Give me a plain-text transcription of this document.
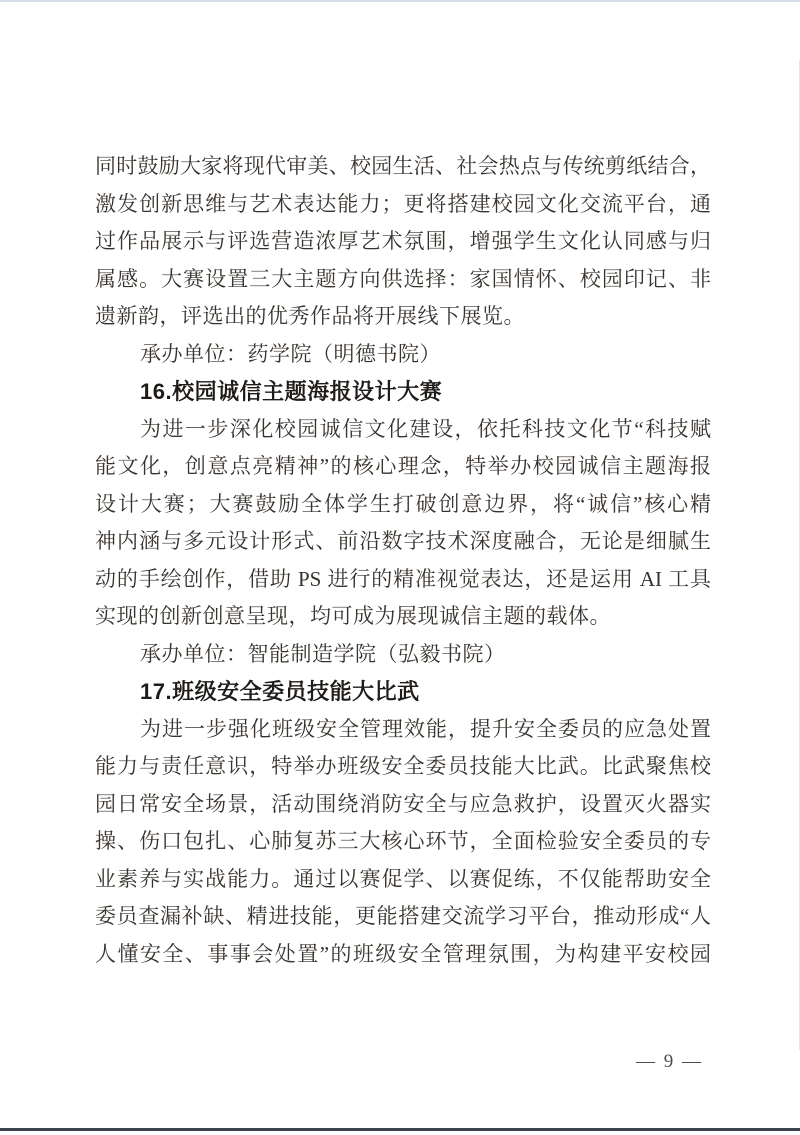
同时鼓励大家将现代审美、校园生活、社会热点与传统剪纸结合，
激发创新思维与艺术表达能力；更将搭建校园文化交流平台，通
过作品展示与评选营造浓厚艺术氛围，增强学生文化认同感与归
属感。大赛设置三大主题方向供选择：家国情怀、校园印记、非
遗新韵，评选出的优秀作品将开展线下展览。
承办单位：药学院（明德书院）
16.校园诚信主题海报设计大赛
为进一步深化校园诚信文化建设，依托科技文化节“科技赋
能文化，创意点亮精神”的核心理念，特举办校园诚信主题海报
设计大赛；大赛鼓励全体学生打破创意边界，将“诚信”核心精
神内涵与多元设计形式、前沿数字技术深度融合，无论是细腻生
动的手绘创作，借助 PS 进行的精准视觉表达，还是运用 AI 工具
实现的创新创意呈现，均可成为展现诚信主题的载体。
承办单位：智能制造学院（弘毅书院）
17.班级安全委员技能大比武
为进一步强化班级安全管理效能，提升安全委员的应急处置
能力与责任意识，特举办班级安全委员技能大比武。比武聚焦校
园日常安全场景，活动围绕消防安全与应急救护，设置灭火器实
操、伤口包扎、心肺复苏三大核心环节，全面检验安全委员的专
业素养与实战能力。通过以赛促学、以赛促练，不仅能帮助安全
委员查漏补缺、精进技能，更能搭建交流学习平台，推动形成“人
人懂安全、事事会处置”的班级安全管理氛围，为构建平安校园
— 9 —
